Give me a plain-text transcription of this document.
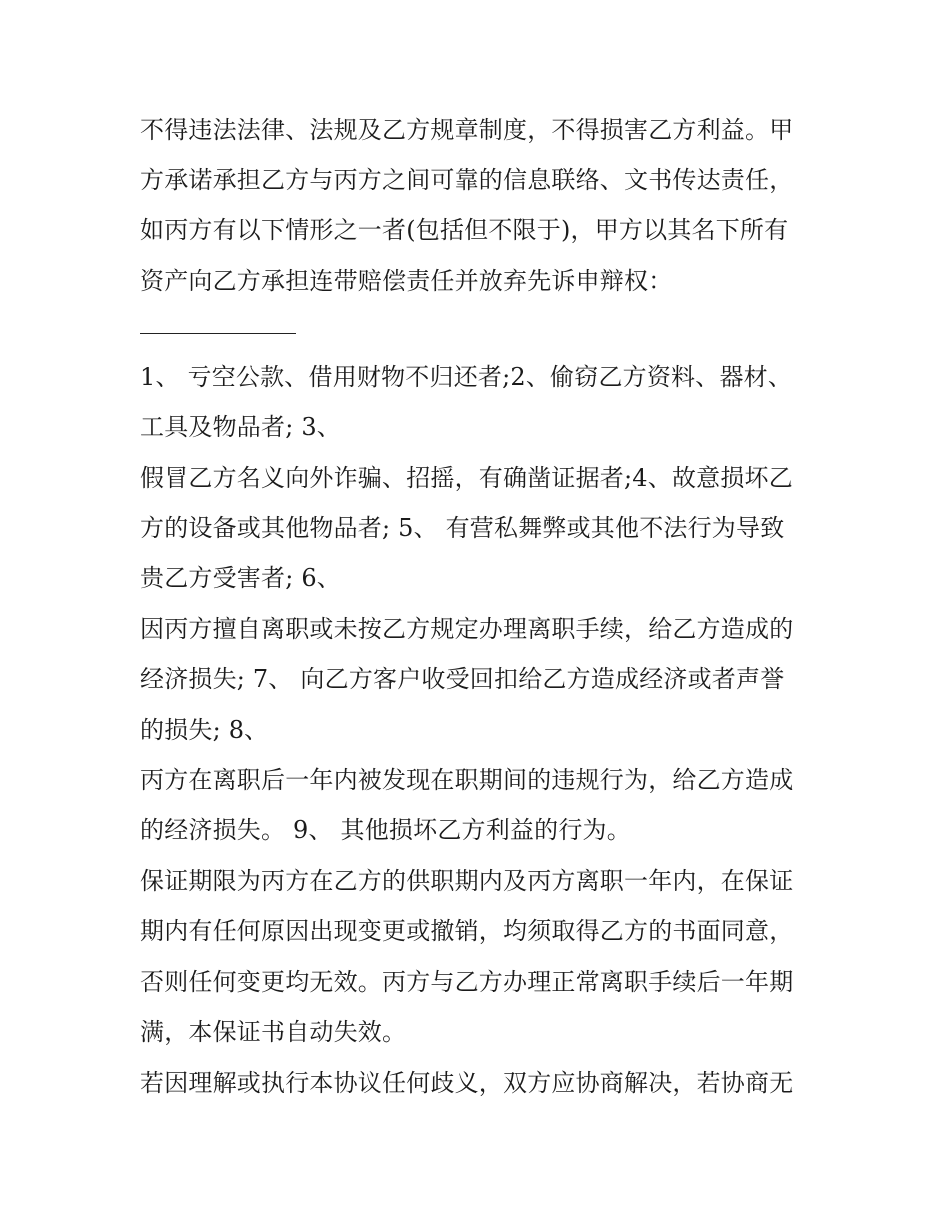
不得违法法律、法规及乙方规章制度，不得损害乙方利益。甲
方承诺承担乙方与丙方之间可靠的信息联络、文书传达责任，
如丙方有以下情形之一者(包括但不限于)，甲方以其名下所有
资产向乙方承担连带赔偿责任并放弃先诉申辩权：
1、 亏空公款、借用财物不归还者;2、偷窃乙方资料、器材、
工具及物品者; 3、
假冒乙方名义向外诈骗、招摇，有确凿证据者;4、故意损坏乙
方的设备或其他物品者; 5、 有营私舞弊或其他不法行为导致
贵乙方受害者; 6、
因丙方擅自离职或未按乙方规定办理离职手续，给乙方造成的
经济损失; 7、 向乙方客户收受回扣给乙方造成经济或者声誉
的损失; 8、
丙方在离职后一年内被发现在职期间的违规行为，给乙方造成
的经济损失。 9、 其他损坏乙方利益的行为。
保证期限为丙方在乙方的供职期内及丙方离职一年内，在保证
期内有任何原因出现变更或撤销，均须取得乙方的书面同意，
否则任何变更均无效。丙方与乙方办理正常离职手续后一年期
满，本保证书自动失效。
若因理解或执行本协议任何歧义，双方应协商解决，若协商无
